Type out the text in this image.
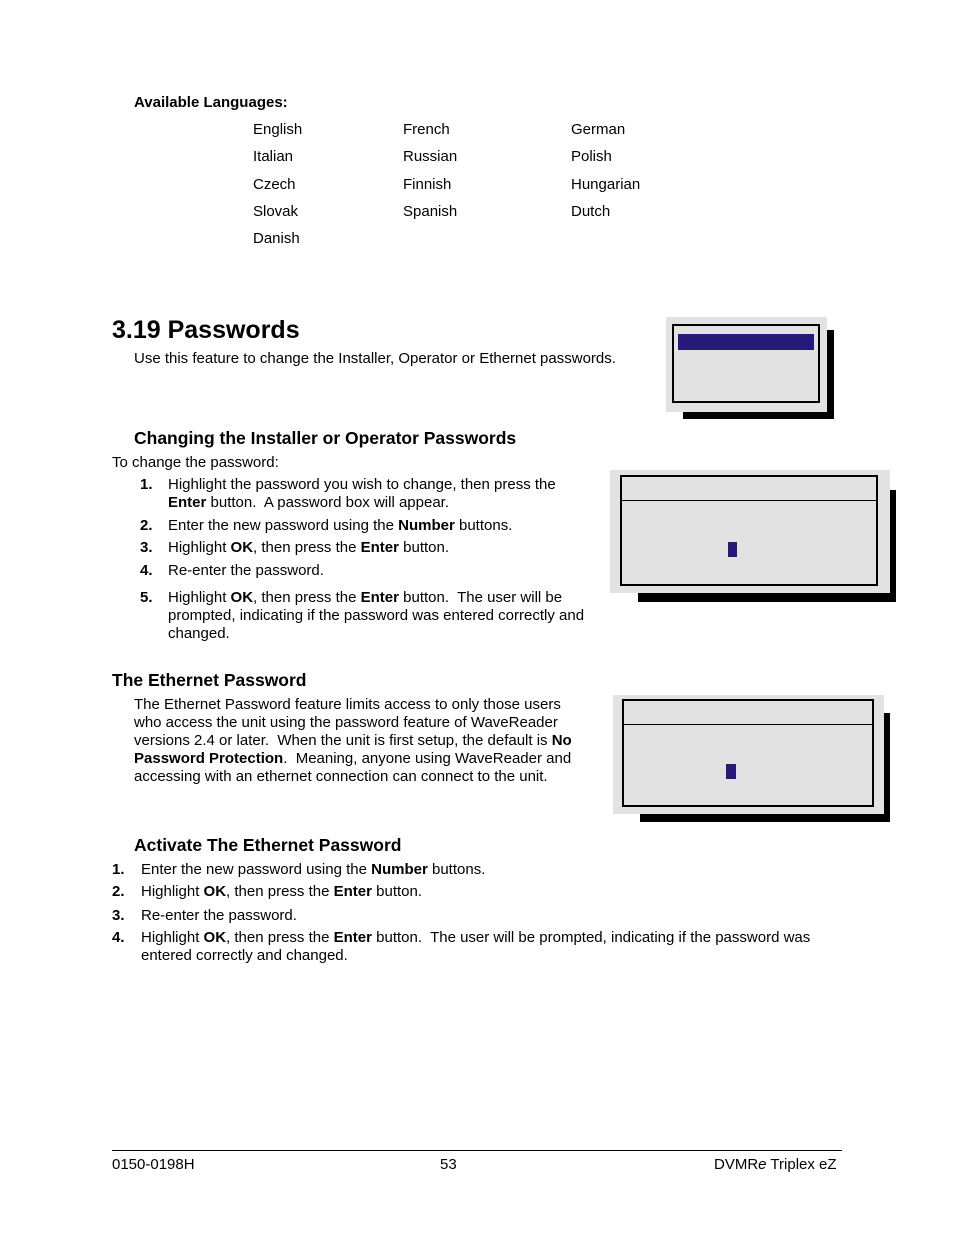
Available Languages:
English	French	German
Italian	Russian	Polish
Czech	Finnish	Hungarian
Slovak	Spanish	Dutch
Danish
3.19 Passwords
Use this feature to change the Installer, Operator or Ethernet passwords.
Changing the Installer or Operator Passwords
To change the password:
1. Highlight the password you wish to change, then press the Enter button.  A password box will appear.
2. Enter the new password using the Number buttons.
3. Highlight OK, then press the Enter button.
4. Re-enter the password.
5. Highlight OK, then press the Enter button.  The user will be prompted, indicating if the password was entered correctly and changed.
The Ethernet Password
The Ethernet Password feature limits access to only those users who access the unit using the password feature of WaveReader versions 2.4 or later.  When the unit is first setup, the default is No Password Protection.  Meaning, anyone using WaveReader and accessing with an ethernet connection can connect to the unit.
Activate The Ethernet Password
1. Enter the new password using the Number buttons.
2. Highlight OK, then press the Enter button.
3. Re-enter the password.
4. Highlight OK, then press the Enter button.  The user will be prompted, indicating if the password was entered correctly and changed.
0150-0198H	53	DVMRe Triplex eZ
